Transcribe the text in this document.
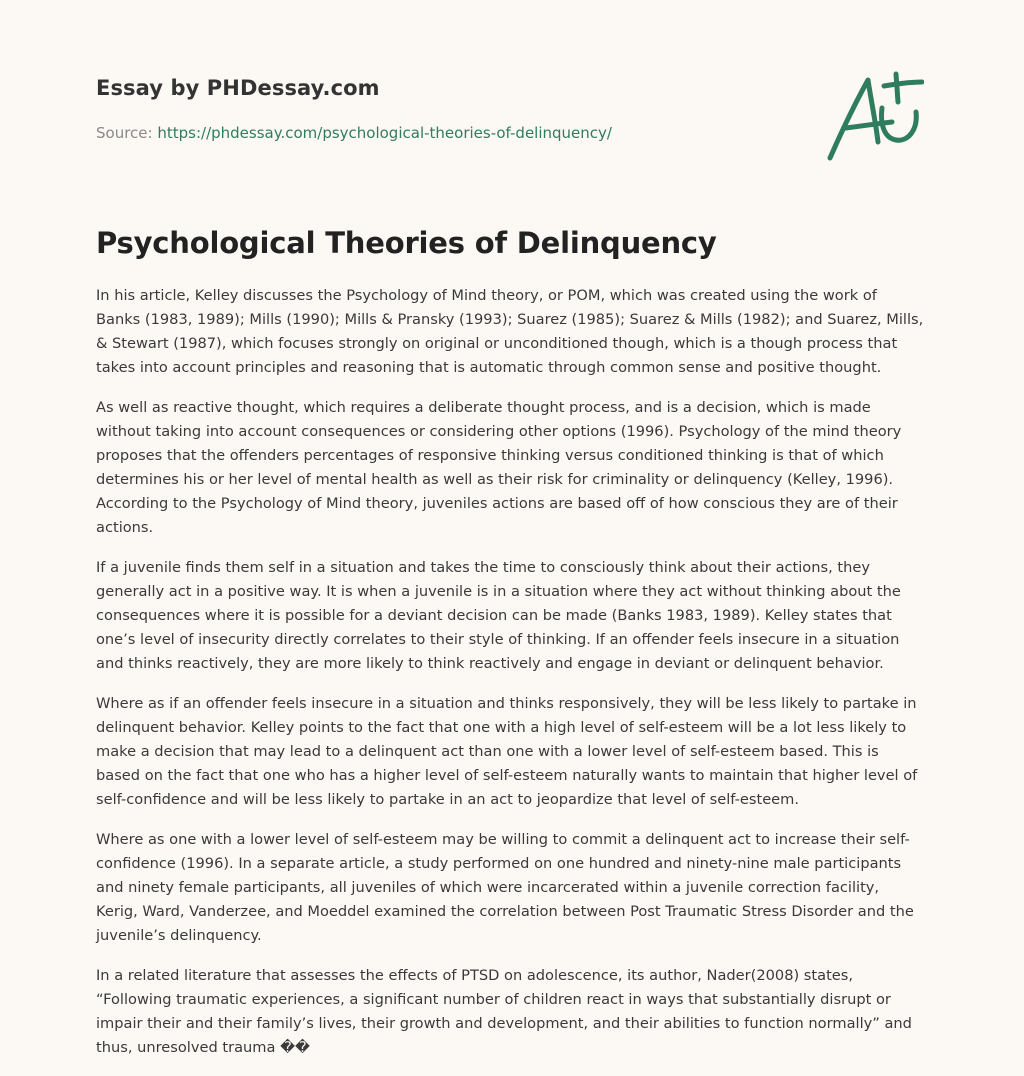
Essay by PHDessay.com
Source: https://phdessay.com/psychological-theories-of-delinquency/
Psychological Theories of Delinquency

In his article, Kelley discusses the Psychology of Mind theory, or POM, which was created using the work of Banks (1983, 1989); Mills (1990); Mills & Pransky (1993); Suarez (1985); Suarez & Mills (1982); and Suarez, Mills, & Stewart (1987), which focuses strongly on original or unconditioned though, which is a though process that takes into account principles and reasoning that is automatic through common sense and positive thought.

As well as reactive thought, which requires a deliberate thought process, and is a decision, which is made without taking into account consequences or considering other options (1996). Psychology of the mind theory proposes that the offenders percentages of responsive thinking versus conditioned thinking is that of which determines his or her level of mental health as well as their risk for criminality or delinquency (Kelley, 1996). According to the Psychology of Mind theory, juveniles actions are based off of how conscious they are of their actions.

If a juvenile finds them self in a situation and takes the time to consciously think about their actions, they generally act in a positive way. It is when a juvenile is in a situation where they act without thinking about the consequences where it is possible for a deviant decision can be made (Banks 1983, 1989). Kelley states that one’s level of insecurity directly correlates to their style of thinking. If an offender feels insecure in a situation and thinks reactively, they are more likely to think reactively and engage in deviant or delinquent behavior.

Where as if an offender feels insecure in a situation and thinks responsively, they will be less likely to partake in delinquent behavior. Kelley points to the fact that one with a high level of self-esteem will be a lot less likely to make a decision that may lead to a delinquent act than one with a lower level of self-esteem based. This is based on the fact that one who has a higher level of self-esteem naturally wants to maintain that higher level of self-confidence and will be less likely to partake in an act to jeopardize that level of self-esteem.

Where as one with a lower level of self-esteem may be willing to commit a delinquent act to increase their self-confidence (1996). In a separate article, a study performed on one hundred and ninety-nine male participants and ninety female participants, all juveniles of which were incarcerated within a juvenile correction facility, Kerig, Ward, Vanderzee, and Moeddel examined the correlation between Post Traumatic Stress Disorder and the juvenile’s delinquency.

In a related literature that assesses the effects of PTSD on adolescence, its author, Nader(2008) states, “Following traumatic experiences, a significant number of children react in ways that substantially disrupt or impair their and their family’s lives, their growth and development, and their abilities to function normally” and thus, unresolved trauma ��
